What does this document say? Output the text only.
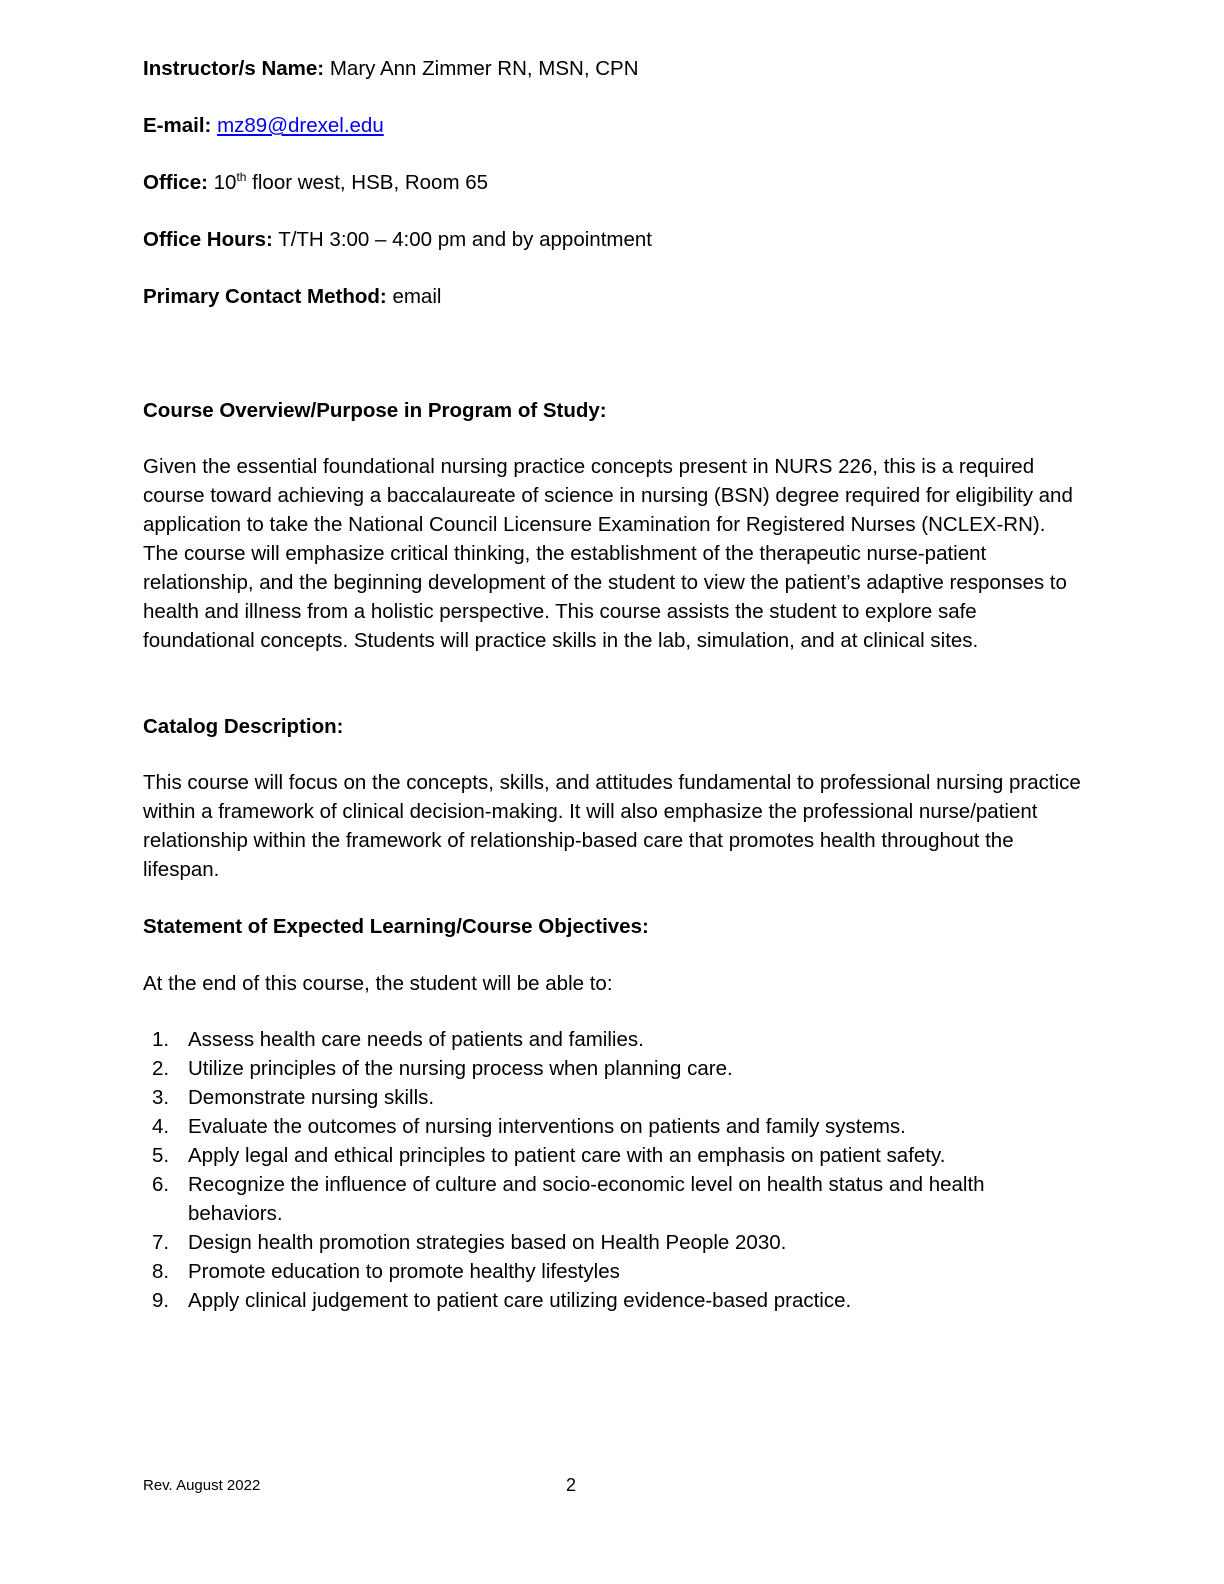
Instructor/s Name: Mary Ann Zimmer RN, MSN, CPN

E-mail: mz89@drexel.edu

Office: 10th floor west, HSB, Room 65

Office Hours: T/TH 3:00 – 4:00 pm and by appointment

Primary Contact Method: email

Course Overview/Purpose in Program of Study:

Given the essential foundational nursing practice concepts present in NURS 226, this is a required course toward achieving a baccalaureate of science in nursing (BSN) degree required for eligibility and application to take the National Council Licensure Examination for Registered Nurses (NCLEX-RN). The course will emphasize critical thinking, the establishment of the therapeutic nurse-patient relationship, and the beginning development of the student to view the patient’s adaptive responses to health and illness from a holistic perspective. This course assists the student to explore safe foundational concepts. Students will practice skills in the lab, simulation, and at clinical sites.

Catalog Description:

This course will focus on the concepts, skills, and attitudes fundamental to professional nursing practice within a framework of clinical decision-making. It will also emphasize the professional nurse/patient relationship within the framework of relationship-based care that promotes health throughout the lifespan.

Statement of Expected Learning/Course Objectives:

At the end of this course, the student will be able to:

1. Assess health care needs of patients and families.
2. Utilize principles of the nursing process when planning care.
3. Demonstrate nursing skills.
4. Evaluate the outcomes of nursing interventions on patients and family systems.
5. Apply legal and ethical principles to patient care with an emphasis on patient safety.
6. Recognize the influence of culture and socio-economic level on health status and health behaviors.
7. Design health promotion strategies based on Health People 2030.
8. Promote education to promote healthy lifestyles
9. Apply clinical judgement to patient care utilizing evidence-based practice.
Rev. August 2022	2
